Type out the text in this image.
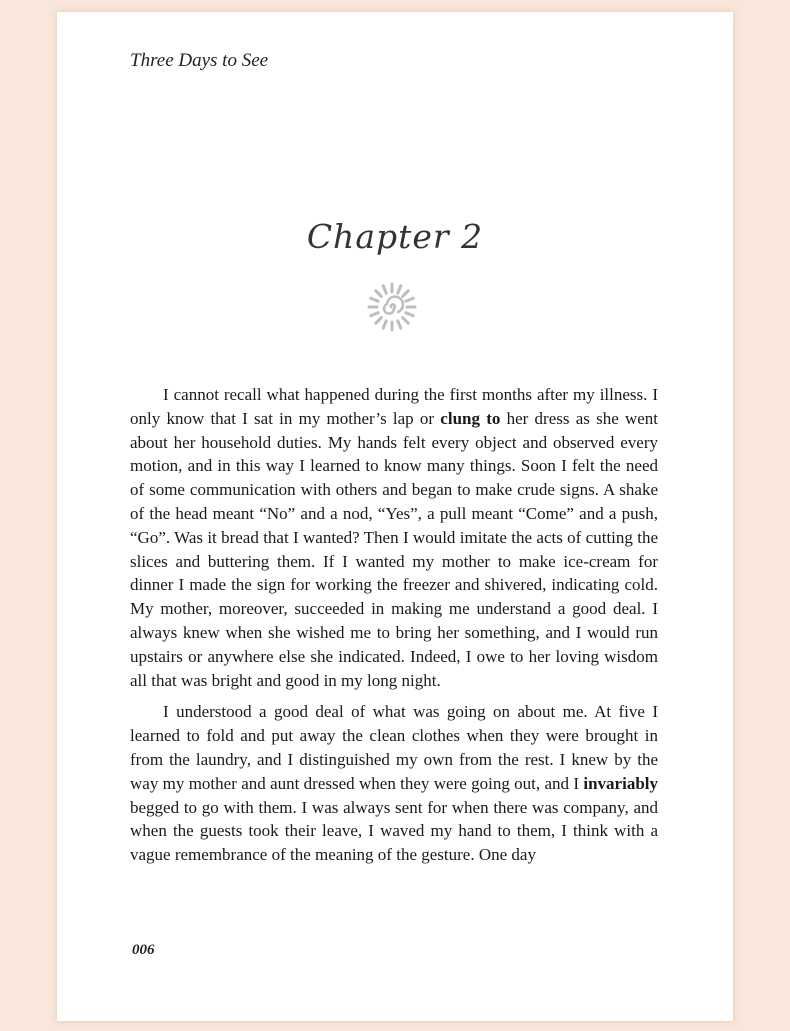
Three Days to See
Chapter 2

I cannot recall what happened during the first months after my illness. I only know that I sat in my mother’s lap or clung to her dress as she went about her household duties. My hands felt every object and observed every motion, and in this way I learned to know many things. Soon I felt the need of some communication with others and began to make crude signs. A shake of the head meant “No” and a nod, “Yes”, a pull meant “Come” and a push, “Go”. Was it bread that I wanted? Then I would imitate the acts of cutting the slices and buttering them. If I wanted my mother to make ice-cream for dinner I made the sign for working the freezer and shivered, indicating cold. My mother, moreover, succeeded in making me understand a good deal. I always knew when she wished me to bring her something, and I would run upstairs or anywhere else she indicated. Indeed, I owe to her loving wisdom all that was bright and good in my long night.

I understood a good deal of what was going on about me. At five I learned to fold and put away the clean clothes when they were brought in from the laundry, and I distinguished my own from the rest. I knew by the way my mother and aunt dressed when they were going out, and I invariably begged to go with them. I was always sent for when there was company, and when the guests took their leave, I waved my hand to them, I think with a vague remembrance of the meaning of the gesture. One day

006
